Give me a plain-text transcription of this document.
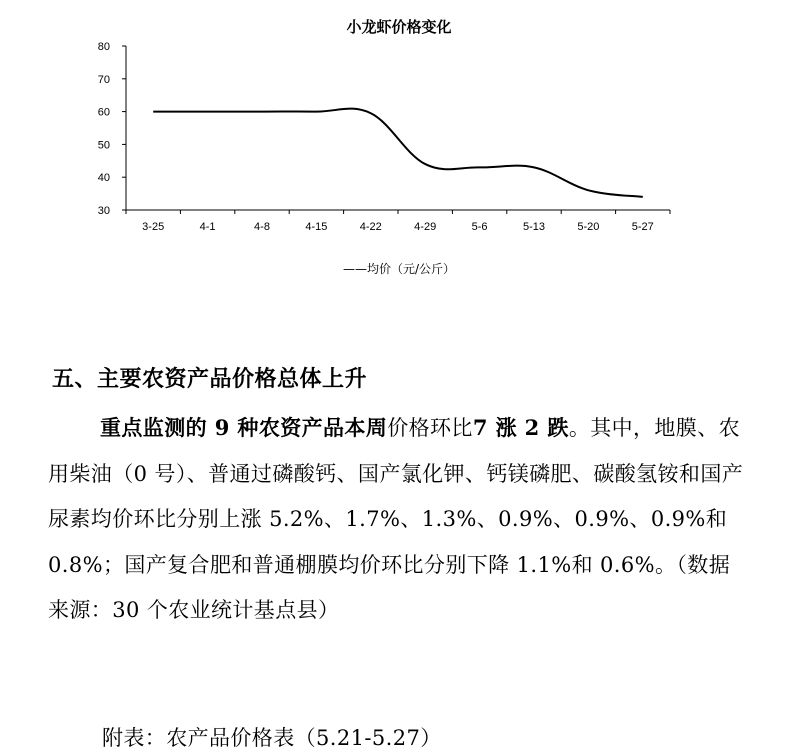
小龙虾价格变化
30
40
50
60
70
80
3-25	4-1	4-8	4-15	4-22	4-29	5-6	5-13	5-20	5-27
——均价（元/公斤）
五、主要农资产品价格总体上升
重点监测的 9 种农资产品本周价格环比7 涨 2 跌。其中，地膜、农用柴油（0 号）、普通过磷酸钙、国产氯化钾、钙镁磷肥、碳酸氢铵和国产尿素均价环比分别上涨 5.2%、1.7%、1.3%、0.9%、0.9%、0.9%和 0.8%；国产复合肥和普通棚膜均价环比分别下降 1.1%和 0.6%。（数据来源：30 个农业统计基点县）
附表：农产品价格表（5.21-5.27）
